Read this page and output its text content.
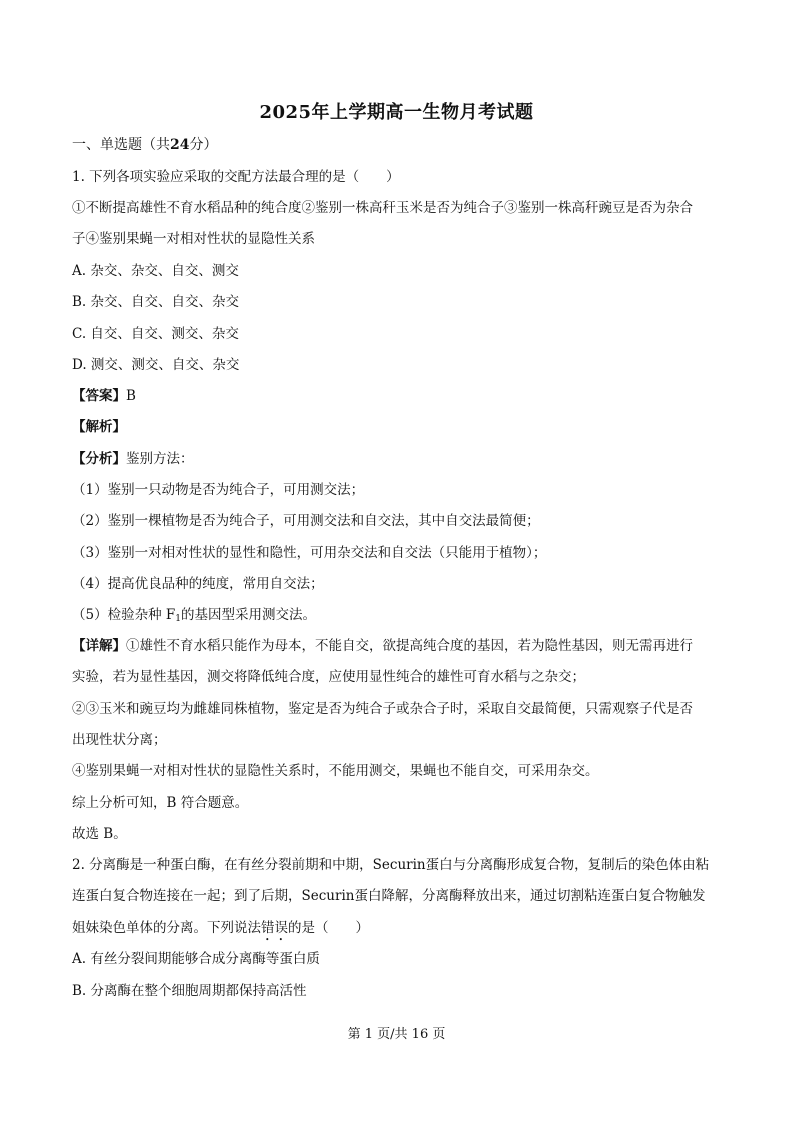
2025年上学期高一生物月考试题
一、单选题（共24分）
1. 下列各项实验应采取的交配方法最合理的是（　　）
①不断提高雄性不育水稻品种的纯合度②鉴别一株高秆玉米是否为纯合子③鉴别一株高秆豌豆是否为杂合
子④鉴别果蝇一对相对性状的显隐性关系
A. 杂交、杂交、自交、测交
B. 杂交、自交、自交、杂交
C. 自交、自交、测交、杂交
D. 测交、测交、自交、杂交
【答案】B
【解析】
【分析】鉴别方法：
（1）鉴别一只动物是否为纯合子，可用测交法；
（2）鉴别一棵植物是否为纯合子，可用测交法和自交法，其中自交法最简便；
（3）鉴别一对相对性状的显性和隐性，可用杂交法和自交法（只能用于植物）；
（4）提高优良品种的纯度，常用自交法；
（5）检验杂种 $F_1$的基因型采用测交法。
【详解】①雄性不育水稻只能作为母本，不能自交，欲提高纯合度的基因，若为隐性基因，则无需再进行
实验，若为显性基因，测交将降低纯合度，应使用显性纯合的雄性可育水稻与之杂交；
②③玉米和豌豆均为雌雄同株植物，鉴定是否为纯合子或杂合子时，采取自交最简便，只需观察子代是否
出现性状分离；
④鉴别果蝇一对相对性状的显隐性关系时，不能用测交，果蝇也不能自交，可采用杂交。
综上分析可知，B 符合题意。
故选 B。
2. 分离酶是一种蛋白酶，在有丝分裂前期和中期，Securin蛋白与分离酶形成复合物，复制后的染色体由粘
连蛋白复合物连接在一起；到了后期，Securin蛋白降解，分离酶释放出来，通过切割粘连蛋白复合物触发
姐妹染色单体的分离。下列说法错误的是（　　）
A. 有丝分裂间期能够合成分离酶等蛋白质
B. 分离酶在整个细胞周期都保持高活性
第 1 页/共 16 页
